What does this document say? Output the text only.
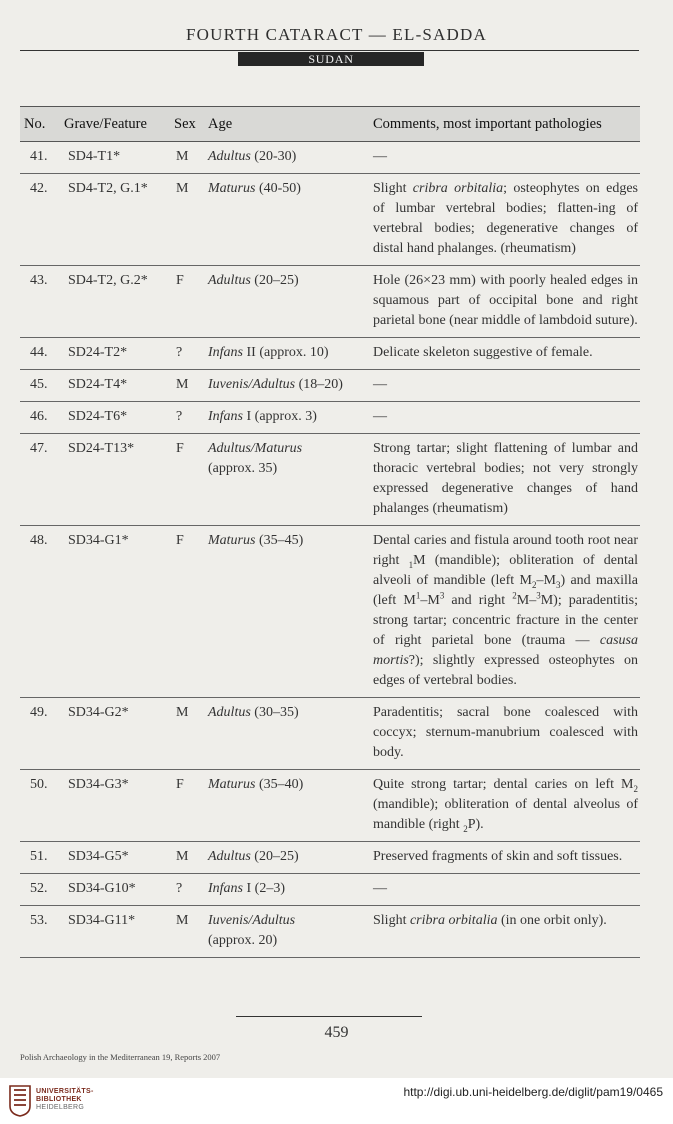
FOURTH CATARACT — EL-SADDA
SUDAN
No.	Grave/Feature	Sex	Age	Comments, most important pathologies
41.	SD4-T1*	M	Adultus (20-30)	—
42.	SD4-T2, G.1*	M	Maturus (40-50)	Slight cribra orbitalia; osteophytes on edges of lumbar vertebral bodies; flatten-ing of vertebral bodies; degenerative changes of distal hand phalanges. (rheumatism)
43.	SD4-T2, G.2*	F	Adultus (20–25)	Hole (26×23 mm) with poorly healed edges in squamous part of occipital bone and right parietal bone (near middle of lambdoid suture).
44.	SD24-T2*	?	Infans II (approx. 10)	Delicate skeleton suggestive of female.
45.	SD24-T4*	M	Iuvenis/Adultus (18–20)	—
46.	SD24-T6*	?	Infans I (approx. 3)	—
47.	SD24-T13*	F	Adultus/Maturus
(approx. 35)	Strong tartar; slight flattening of lumbar and thoracic vertebral bodies; not very strongly expressed degenerative changes of hand phalanges (rheumatism)
48.	SD34-G1*	F	Maturus (35–45)	Dental caries and fistula around tooth root near right $_1$M (mandible); obliteration of dental alveoli of mandible (left $M_2-M_3$) and maxilla (left $M^1-M^3$ and right $^2$M–$^3$M); paradentitis; strong tartar; concentric fracture in the center of right parietal bone (trauma — casusa mortis?); slightly expressed osteophytes on edges of vertebral bodies.
49.	SD34-G2*	M	Adultus (30–35)	Paradentitis; sacral bone coalesced with coccyx; sternum-manubrium coalesced with body.
50.	SD34-G3*	F	Maturus (35–40)	Quite strong tartar; dental caries on left $M_2$ (mandible); obliteration of dental alveolus of mandible (right $_2$P).
51.	SD34-G5*	M	Adultus (20–25)	Preserved fragments of skin and soft tissues.
52.	SD34-G10*	?	Infans I (2–3)	—
53.	SD34-G11*	M	Iuvenis/Adultus
(approx. 20)	Slight cribra orbitalia (in one orbit only).
459
Polish Archaeology in the Mediterranean 19, Reports 2007
UNIVERSITÄTS-
BIBLIOTHEK
HEIDELBERG
http://digi.ub.uni-heidelberg.de/diglit/pam19/0465
